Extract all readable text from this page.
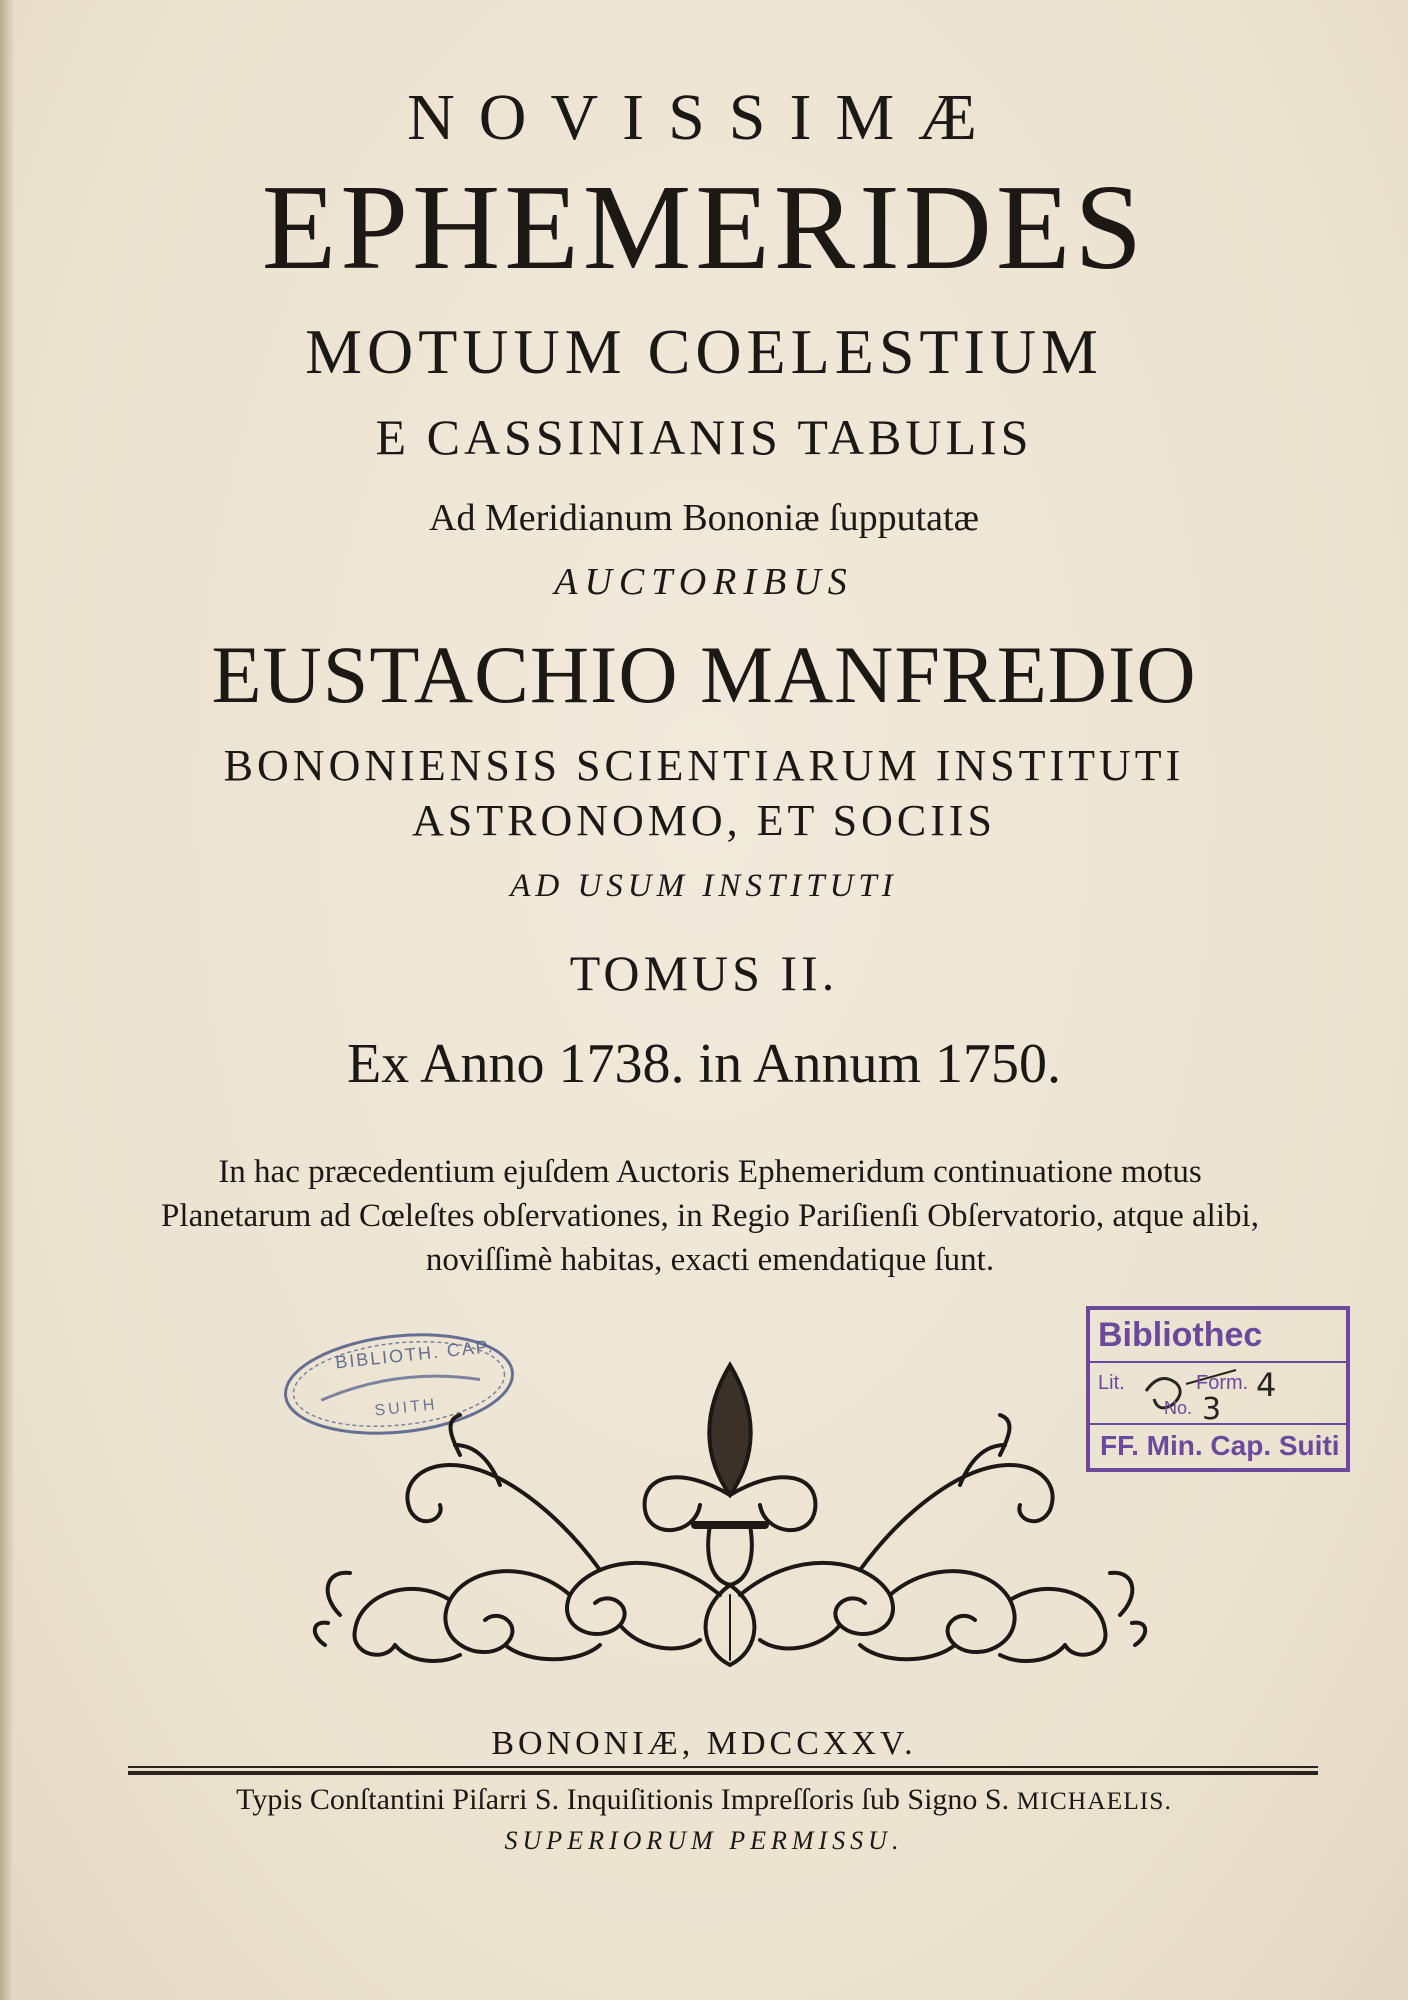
NOVISSIMÆ
EPHEMERIDES
MOTUUM COELESTIUM
E CASSINIANIS TABULIS
Ad Meridianum Bononiæ ſupputatæ
AUCTORIBUS
EUSTACHIO MANFREDIO
BONONIENSIS SCIENTIARUM INSTITUTI
ASTRONOMO, ET SOCIIS
AD USUM INSTITUTI
TOMUS II.
Ex Anno 1738. in Annum 1750.
In hac præcedentium ejuſdem Auctoris Ephemeridum continuatione motus Planetarum ad Cœleſtes obſervationes, in Regio Pariſienſi Obſervatorio, atque alibi, noviſſimè habitas, exacti emendatique ſunt.
BIBLIOTH. CAP.
SUITH
Bibliothec
Lit.	Form. 4
No. 3
FF. Min. Cap. Suiti
BONONIÆ, MDCCXXV.
Typis Conſtantini Piſarri S. Inquiſitionis Impreſſoris ſub Signo S. MICHAELIS.
SUPERIORUM PERMISSU.
